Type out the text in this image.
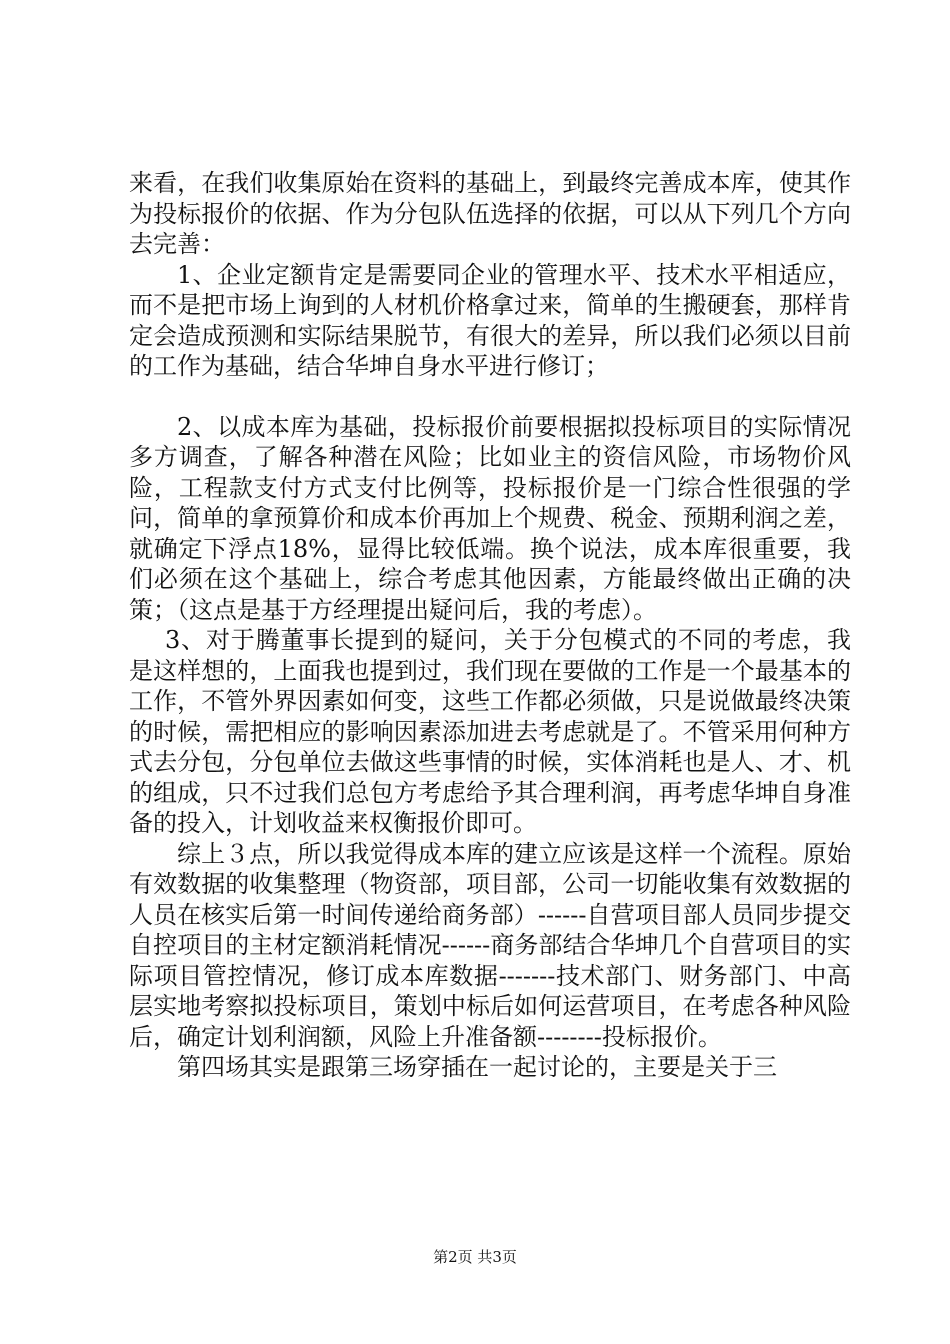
来看，在我们收集原始在资料的基础上，到最终完善成本库，使其作为投标报价的依据、作为分包队伍选择的依据，可以从下列几个方向去完善：

1、企业定额肯定是需要同企业的管理水平、技术水平相适应，而不是把市场上询到的人材机价格拿过来，简单的生搬硬套，那样肯定会造成预测和实际结果脱节，有很大的差异，所以我们必须以目前的工作为基础，结合华坤自身水平进行修订；

2、以成本库为基础，投标报价前要根据拟投标项目的实际情况多方调查，了解各种潜在风险；比如业主的资信风险，市场物价风险，工程款支付方式支付比例等，投标报价是一门综合性很强的学问，简单的拿预算价和成本价再加上个规费、税金、预期利润之差，就确定下浮点18%，显得比较低端。换个说法，成本库很重要，我们必须在这个基础上，综合考虑其他因素，方能最终做出正确的决策；（这点是基于方经理提出疑问后，我的考虑）。

3、对于腾董事长提到的疑问，关于分包模式的不同的考虑，我是这样想的，上面我也提到过，我们现在要做的工作是一个最基本的工作，不管外界因素如何变，这些工作都必须做，只是说做最终决策的时候，需把相应的影响因素添加进去考虑就是了。不管采用何种方式去分包，分包单位去做这些事情的时候，实体消耗也是人、才、机的组成，只不过我们总包方考虑给予其合理利润，再考虑华坤自身准备的投入，计划收益来权衡报价即可。

综上３点，所以我觉得成本库的建立应该是这样一个流程。原始有效数据的收集整理（物资部，项目部，公司一切能收集有效数据的人员在核实后第一时间传递给商务部）------自营项目部人员同步提交自控项目的主材定额消耗情况------商务部结合华坤几个自营项目的实际项目管控情况，修订成本库数据-------技术部门、财务部门、中高层实地考察拟投标项目，策划中标后如何运营项目，在考虑各种风险后，确定计划利润额，风险上升准备额--------投标报价。

第四场其实是跟第三场穿插在一起讨论的，主要是关于三

第2页 共3页
